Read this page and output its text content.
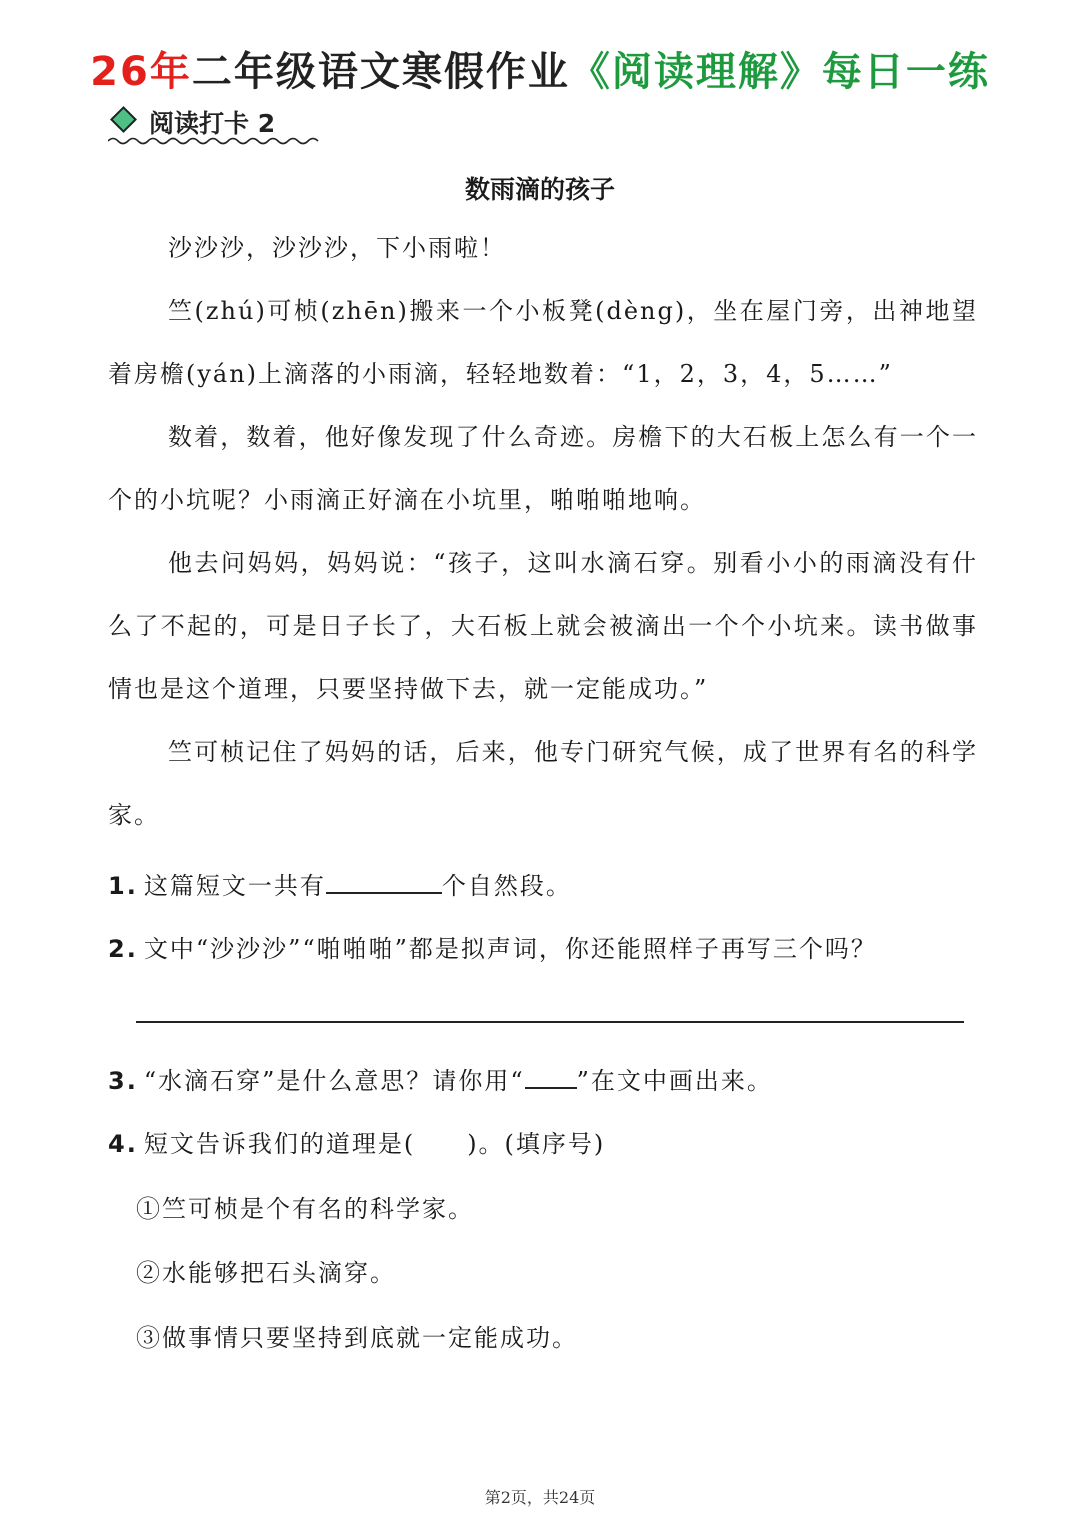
26年二年级语文寒假作业《阅读理解》每日一练
阅读打卡 2
数雨滴的孩子
沙沙沙，沙沙沙，下小雨啦！
竺(zhú)可桢(zhēn)搬来一个小板凳(dèng)，坐在屋门旁，出神地望着房檐(yán)上滴落的小雨滴，轻轻地数着：“1，2，3，4，5……”
数着，数着，他好像发现了什么奇迹。房檐下的大石板上怎么有一个一个的小坑呢？小雨滴正好滴在小坑里，啪啪啪地响。
他去问妈妈，妈妈说：“孩子，这叫水滴石穿。别看小小的雨滴没有什么了不起的，可是日子长了，大石板上就会被滴出一个个小坑来。读书做事情也是这个道理，只要坚持做下去，就一定能成功。”
竺可桢记住了妈妈的话，后来，他专门研究气候，成了世界有名的科学家。
1. 这篇短文一共有	个自然段。
2. 文中“沙沙沙”“啪啪啪”都是拟声词，你还能照样子再写三个吗？
3. “水滴石穿”是什么意思？请你用“ ”在文中画出来。
4. 短文告诉我们的道理是(　　)。(填序号)
①竺可桢是个有名的科学家。
②水能够把石头滴穿。
③做事情只要坚持到底就一定能成功。
第2页，共24页
